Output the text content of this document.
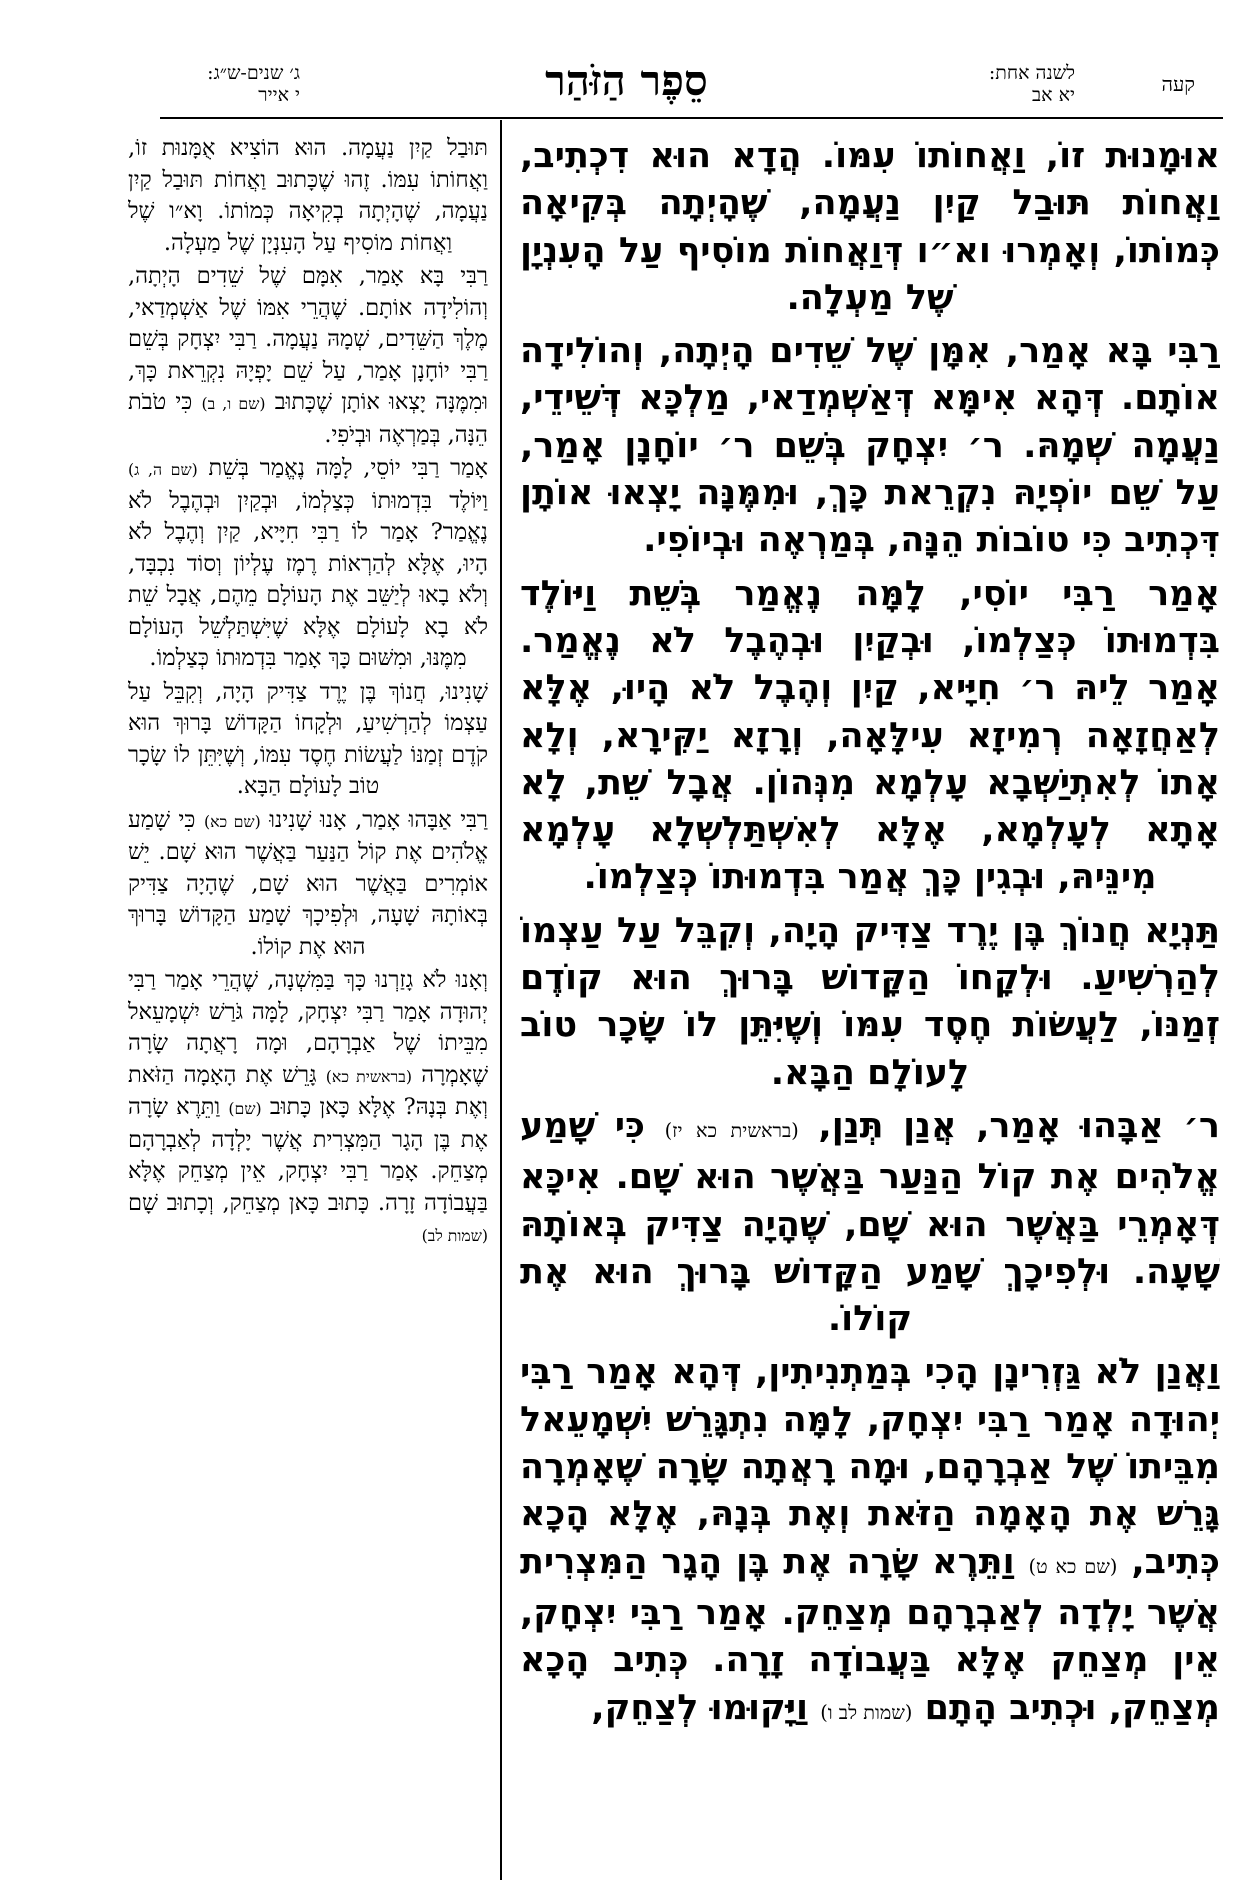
קעה
לשנה אחת:
יא אב
סֵפֶר הַזֹּהַר
ג׳ שנים-ש״ג:
י אייר

אוּמָנוּת זוֹ, וַאֲחוֹתוֹ עִמּוֹ. הֲדָא הוּא דִכְתִיב, וַאֲחוֹת תּוּבַל קַיִן נַעֲמָה, שֶׁהָיְתָה בְּקִיאָה כְּמוֹתוֹ, וְאָמְרוּ וא״ו דְּוַאֲחוֹת מוֹסִיף עַל הָעִנְיָן שֶׁל מַעְלָה.

רַבִּי בָּא אָמַר, אִמָּן שֶׁל שֵׁדִים הָיְתָה, וְהוֹלִידָה אוֹתָם. דְּהָא אִימָּא דְּאַשְׁמְדַאי, מַלְכָּא דְּשֵׁידֵי, נַעֲמָה שְׁמָהּ. ר׳ יִצְחָק בְּשֵׁם ר׳ יוֹחָנָן אָמַר, עַל שֵׁם יוֹפְיָהּ נִקְרֵאת כָּךְ, וּמִמֶּנָּה יָצְאוּ אוֹתָן דִּכְתִיב כִּי טוֹבוֹת הֵנָּה, בְּמַרְאֶה וּבְיוֹפִי.

אָמַר רַבִּי יוֹסִי, לָמָּה נֶאֱמַר בְּשֵׁת וַיּוֹלֶד בִּדְמוּתוֹ כְּצַלְמוֹ, וּבְקַיִן וּבְהֶבֶל לֹא נֶאֱמַר. אָמַר לֵיהּ ר׳ חִיָּיא, קַיִן וְהֶבֶל לֹא הָיוּ, אֶלָּא לְאַחֲזָאָה רְמִיזָא עִילָּאָה, וְרָזָא יַקִּירָא, וְלָא אָתוֹ לְאִתְיַשְּׁבָא עָלְמָא מִנְּהוֹן. אֲבָל שֵׁת, לָא אָתָא לְעָלְמָא, אֶלָּא לְאִשְׁתַּלְשְׁלָא עָלְמָא מִינֵּיהּ, וּבְגִין כָּךְ אֲמַר בִּדְמוּתוֹ כְּצַלְמוֹ.

תַּנְיָא חֲנוֹךְ בֶּן יֶרֶד צַדִּיק הָיָה, וְקִבֵּל עַל עַצְמוֹ לְהַרְשִׁיעַ. וּלְקָחוֹ הַקָּדוֹשׁ בָּרוּךְ הוּא קוֹדֶם זְמַנּוֹ, לַעֲשׂוֹת חֶסֶד עִמּוֹ וְשֶׁיִּתֵּן לוֹ שָׂכָר טוֹב לָעוֹלָם הַבָּא.

ר׳ אַבָּהוּ אָמַר, אֲנַן תְּנַן, (בראשית כא יז) כִּי שָׁמַע אֱלֹהִים אֶת קוֹל הַנַּעַר בַּאֲשֶׁר הוּא שָׁם. אִיכָּא דְּאָמְרֵי בַּאֲשֶׁר הוּא שָׁם, שֶׁהָיָה צַדִּיק בְּאוֹתָהּ שָׁעָה. וּלְפִיכָךְ שָׁמַע הַקָּדוֹשׁ בָּרוּךְ הוּא אֶת קוֹלוֹ.

וַאֲנַן לֹא גַּזְרִינָן הָכִי בְּמַתְנִיתִין, דְּהָא אָמַר רַבִּי יְהוּדָה אָמַר רַבִּי יִצְחָק, לָמָּה נִתְגָּרֵשׁ יִשְׁמָעֵאל מִבֵּיתוֹ שֶׁל אַבְרָהָם, וּמָה רָאֲתָה שָׂרָה שֶׁאָמְרָה גָּרֵשׁ אֶת הָאָמָה הַזֹּאת וְאֶת בְּנָהּ, אֶלָּא הָכָא כְּתִיב, (שם כא ט) וַתֵּרֶא שָׂרָה אֶת בֶּן הָגָר הַמִּצְרִית אֲשֶׁר יָלְדָה לְאַבְרָהָם מְצַחֵק. אָמַר רַבִּי יִצְחָק, אֵין מְצַחֵק אֶלָּא בַּעֲבוֹדָה זָרָה. כְּתִיב הָכָא מְצַחֵק, וּכְתִיב הָתָם (שמות לב ו) וַיָּקוּמוּ לְצַחֵק,

תּוּבַל קַיִן נַעֲמָה. הוּא הוֹצִיא אֻמָּנוּת זוֹ, וַאֲחוֹתוֹ עִמּוֹ. זֶהוּ שֶׁכָּתוּב וַאֲחוֹת תּוּבַל קַיִן נַעֲמָה, שֶׁהָיְתָה בְקִיאָה כְּמוֹתוֹ. וָא״ו שֶׁל וַאֲחוֹת מוֹסִיף עַל הָעִנְיָן שֶׁל מַעְלָה.

רַבִּי בָּא אָמַר, אִמָּם שֶׁל שֵׁדִים הָיְתָה, וְהוֹלִידָה אוֹתָם. שֶׁהֲרֵי אִמּוֹ שֶׁל אַשְׁמְדַאי, מֶלֶךְ הַשֵּׁדִים, שְׁמָהּ נַעֲמָה. רַבִּי יִצְחָק בְּשֵׁם רַבִּי יוֹחָנָן אָמַר, עַל שֵׁם יָפְיָהּ נִקְרֵאת כָּךְ, וּמִמֶּנָּה יָצְאוּ אוֹתָן שֶׁכָּתוּב (שם ו, ב) כִּי טֹבֹת הֵנָּה, בְּמַרְאֶה וּבְיֹפִי.

אָמַר רַבִּי יוֹסֵי, לָמָּה נֶאֱמַר בְּשֵׁת (שם ה, ג) וַיּוֹלֶד בִּדְמוּתוֹ כְּצַלְמוֹ, וּבְקַיִן וּבְהֶבֶל לֹא נֶאֱמַר? אָמַר לוֹ רַבִּי חִיָּיא, קַיִן וְהֶבֶל לֹא הָיוּ, אֶלָּא לְהַרְאוֹת רֶמֶז עֶלְיוֹן וְסוֹד נִכְבָּד, וְלֹא בָאוּ לְיַשֵּׁב אֶת הָעוֹלָם מֵהֶם, אֲבָל שֵׁת לֹא בָא לָעוֹלָם אֶלָּא שֶׁיִּשְׁתַּלְשֵׁל הָעוֹלָם מִמֶּנּוּ, וּמִשּׁוּם כָּךְ אָמַר בִּדְמוּתוֹ כְּצַלְמוֹ.

שָׁנִינוּ, חֲנוֹךְ בֶּן יֶרֶד צַדִּיק הָיָה, וְקִבֵּל עַל עַצְמוֹ לְהַרְשִׁיעַ, וּלְקָחוֹ הַקָּדוֹשׁ בָּרוּךְ הוּא קֹדֶם זְמַנּוֹ לַעֲשׂוֹת חֶסֶד עִמּוֹ, וְשֶׁיִּתֵּן לוֹ שָׂכָר טוֹב לָעוֹלָם הַבָּא.

רַבִּי אַבָּהוּ אָמַר, אָנוּ שָׁנִינוּ (שם כא) כִּי שָׁמַע אֱלֹהִים אֶת קוֹל הַנַּעַר בַּאֲשֶׁר הוּא שָׁם. יֵשׁ אוֹמְרִים בַּאֲשֶׁר הוּא שָׁם, שֶׁהָיָה צַדִּיק בְּאוֹתָהּ שָׁעָה, וּלְפִיכָךְ שָׁמַע הַקָּדוֹשׁ בָּרוּךְ הוּא אֶת קוֹלוֹ.

וְאָנוּ לֹא גָזַרְנוּ כָּךְ בַּמִּשְׁנָה, שֶׁהֲרֵי אָמַר רַבִּי יְהוּדָה אָמַר רַבִּי יִצְחָק, לָמָּה גֹּרַשׁ יִשְׁמָעֵאל מִבֵּיתוֹ שֶׁל אַבְרָהָם, וּמָה רָאֲתָה שָׂרָה שֶׁאָמְרָה (בראשית כא) גָּרֵשׁ אֶת הָאָמָה הַזֹּאת וְאֶת בְּנָהּ? אֶלָּא כָּאן כָּתוּב (שם) וַתֵּרֶא שָׂרָה אֶת בֶּן הָגָר הַמִּצְרִית אֲשֶׁר יָלְדָה לְאַבְרָהָם מְצַחֵק. אָמַר רַבִּי יִצְחָק, אֵין מְצַחֵק אֶלָּא בַּעֲבוֹדָה זָרָה. כָּתוּב כָּאן מְצַחֵק, וְכָתוּב שָׁם (שמות לב)
